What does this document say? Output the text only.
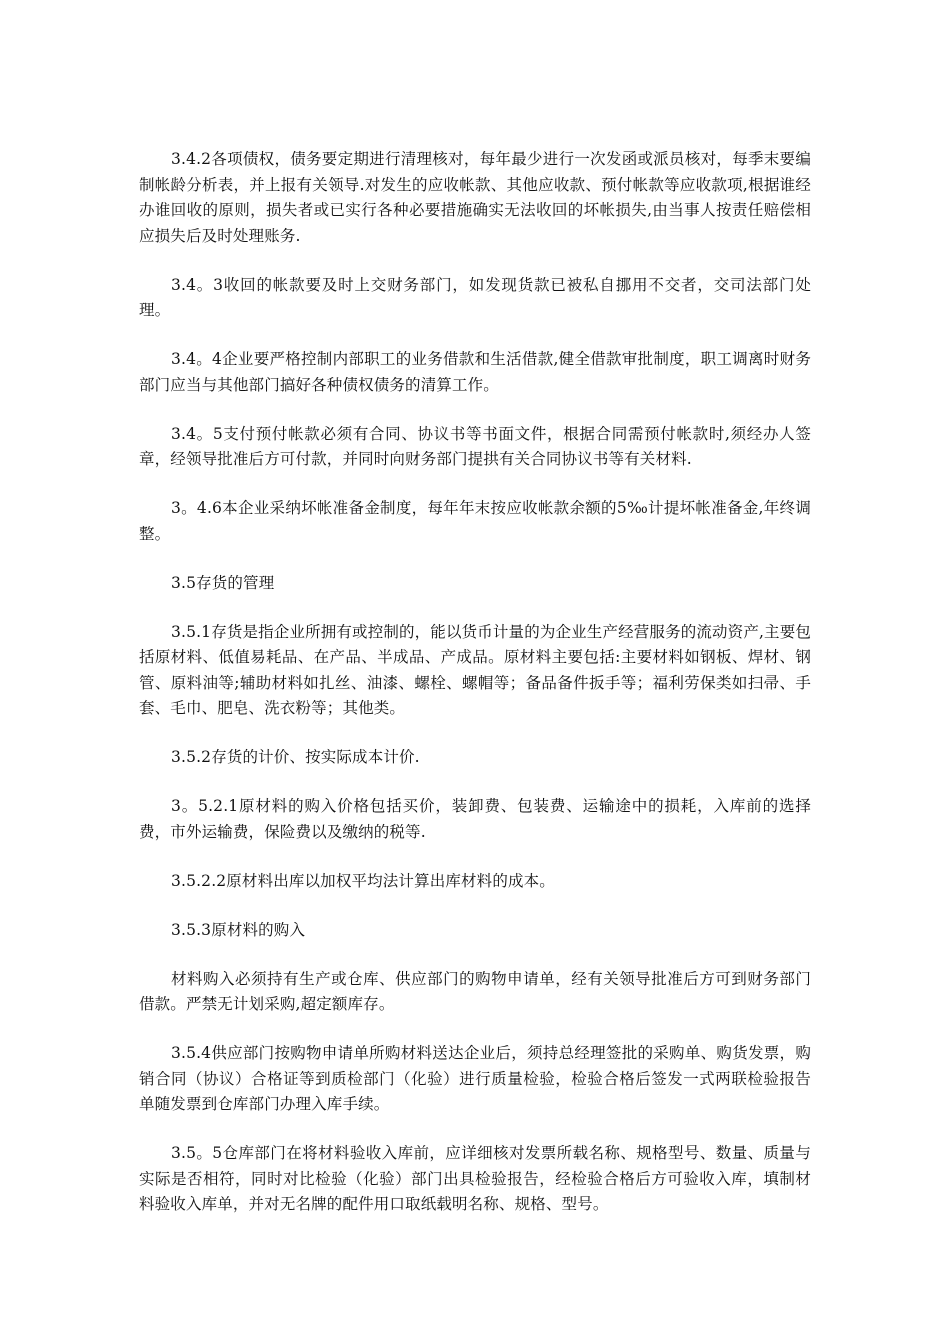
3.4.2各项债权，债务要定期进行清理核对，每年最少进行一次发函或派员核对，每季末要编制帐龄分析表，并上报有关领导.对发生的应收帐款、其他应收款、预付帐款等应收款项,根据谁经办谁回收的原则，损失者或已实行各种必要措施确实无法收回的坏帐损失,由当事人按责任赔偿相应损失后及时处理账务.

3.4。3收回的帐款要及时上交财务部门，如发现货款已被私自挪用不交者，交司法部门处理。

3.4。4企业要严格控制内部职工的业务借款和生活借款,健全借款审批制度，职工调离时财务部门应当与其他部门搞好各种债权债务的清算工作。

3.4。5支付预付帐款必须有合同、协议书等书面文件，根据合同需预付帐款时,须经办人签章，经领导批准后方可付款，并同时向财务部门提拱有关合同协议书等有关材料.

3。4.6本企业采纳坏帐准备金制度，每年年末按应收帐款余额的5‰计提坏帐准备金,年终调整。

3.5存货的管理

3.5.1存货是指企业所拥有或控制的，能以货币计量的为企业生产经营服务的流动资产,主要包括原材料、低值易耗品、在产品、半成品、产成品。原材料主要包括:主要材料如钢板、焊材、钢管、原料油等;辅助材料如扎丝、油漆、螺栓、螺帽等；备品备件扳手等；福利劳保类如扫帚、手套、毛巾、肥皂、洗衣粉等；其他类。

3.5.2存货的计价、按实际成本计价.

3。5.2.1原材料的购入价格包括买价，装卸费、包装费、运输途中的损耗，入库前的选择费，市外运输费，保险费以及缴纳的税等.

3.5.2.2原材料出库以加权平均法计算出库材料的成本。

3.5.3原材料的购入

材料购入必须持有生产或仓库、供应部门的购物申请单，经有关领导批准后方可到财务部门借款。严禁无计划采购,超定额库存。

3.5.4供应部门按购物申请单所购材料送达企业后，须持总经理签批的采购单、购货发票，购销合同（协议）合格证等到质检部门（化验）进行质量检验，检验合格后签发一式两联检验报告单随发票到仓库部门办理入库手续。

3.5。5仓库部门在将材料验收入库前，应详细核对发票所载名称、规格型号、数量、质量与实际是否相符，同时对比检验（化验）部门出具检验报告，经检验合格后方可验收入库，填制材料验收入库单，并对无名牌的配件用口取纸载明名称、规格、型号。
